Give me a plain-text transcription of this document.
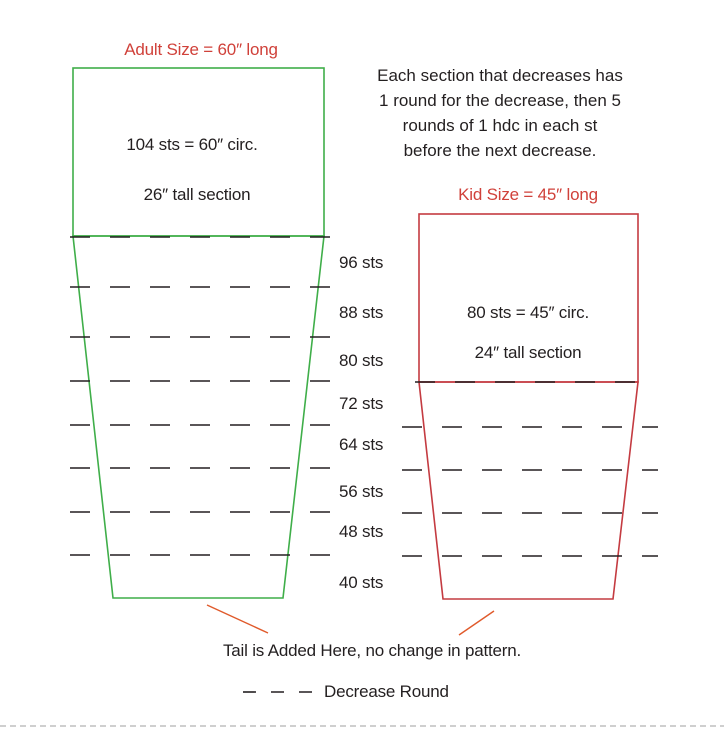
Adult Size = 60″ long
104 sts = 60″ circ.
26″ tall section
Each section that decreases has
1 round for the decrease, then 5
rounds of 1 hdc in each st
before the next decrease.
Kid Size = 45″ long
80 sts = 45″ circ.
24″ tall section
96 sts
88 sts
80 sts
72 sts
64 sts
56 sts
48 sts
40 sts
Tail is Added Here, no change in pattern.
Decrease Round
